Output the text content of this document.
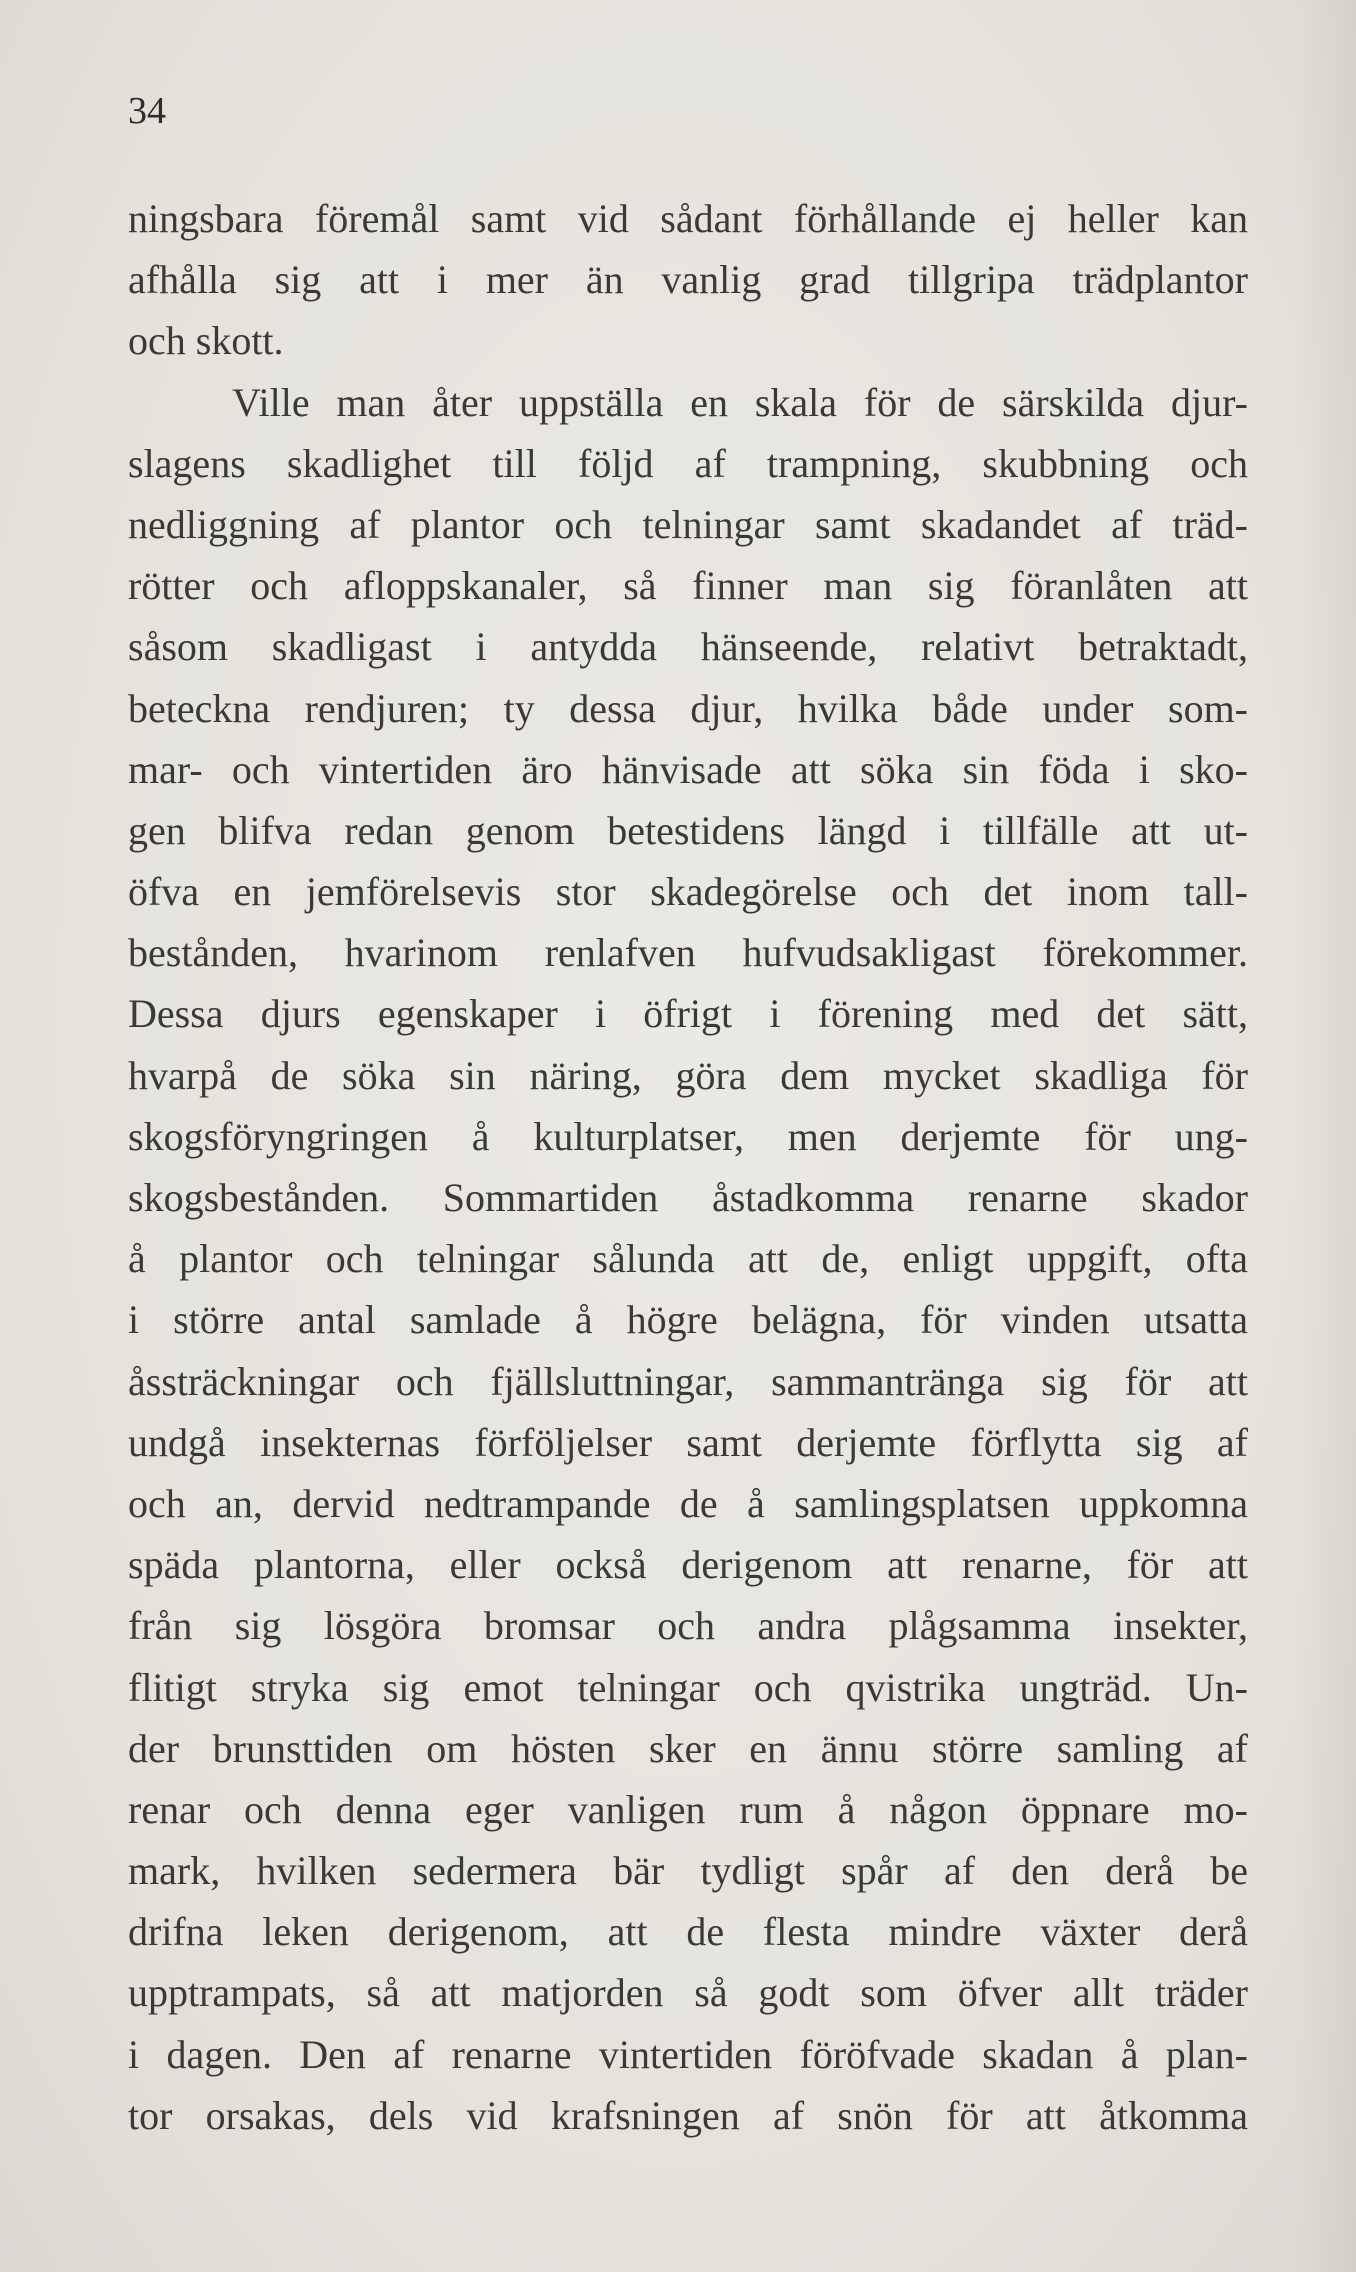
34
ningsbara föremål samt vid sådant förhållande ej heller kan
afhålla sig att i mer än vanlig grad tillgripa trädplantor
och skott.
Ville man åter uppställa en skala för de särskilda djur-
slagens skadlighet till följd af trampning, skubbning och
nedliggning af plantor och telningar samt skadandet af träd-
rötter och afloppskanaler, så finner man sig föranlåten att
såsom skadligast i antydda hänseende, relativt betraktadt,
beteckna rendjuren; ty dessa djur, hvilka både under som-
mar- och vintertiden äro hänvisade att söka sin föda i sko-
gen blifva redan genom betestidens längd i tillfälle att ut-
öfva en jemförelsevis stor skadegörelse och det inom tall-
bestånden, hvarinom renlafven hufvudsakligast förekommer.
Dessa djurs egenskaper i öfrigt i förening med det sätt,
hvarpå de söka sin näring, göra dem mycket skadliga för
skogsföryngringen å kulturplatser, men derjemte för ung-
skogsbestånden. Sommartiden åstadkomma renarne skador
å plantor och telningar sålunda att de, enligt uppgift, ofta
i större antal samlade å högre belägna, för vinden utsatta
åssträckningar och fjällsluttningar, sammantränga sig för att
undgå insekternas förföljelser samt derjemte förflytta sig af
och an, dervid nedtrampande de å samlingsplatsen uppkomna
späda plantorna, eller också derigenom att renarne, för att
från sig lösgöra bromsar och andra plågsamma insekter,
flitigt stryka sig emot telningar och qvistrika ungträd. Un-
der brunsttiden om hösten sker en ännu större samling af
renar och denna eger vanligen rum å någon öppnare mo-
mark, hvilken sedermera bär tydligt spår af den derå be
drifna leken derigenom, att de flesta mindre växter derå
upptrampats, så att matjorden så godt som öfver allt träder
i dagen. Den af renarne vintertiden föröfvade skadan å plan-
tor orsakas, dels vid krafsningen af snön för att åtkomma
